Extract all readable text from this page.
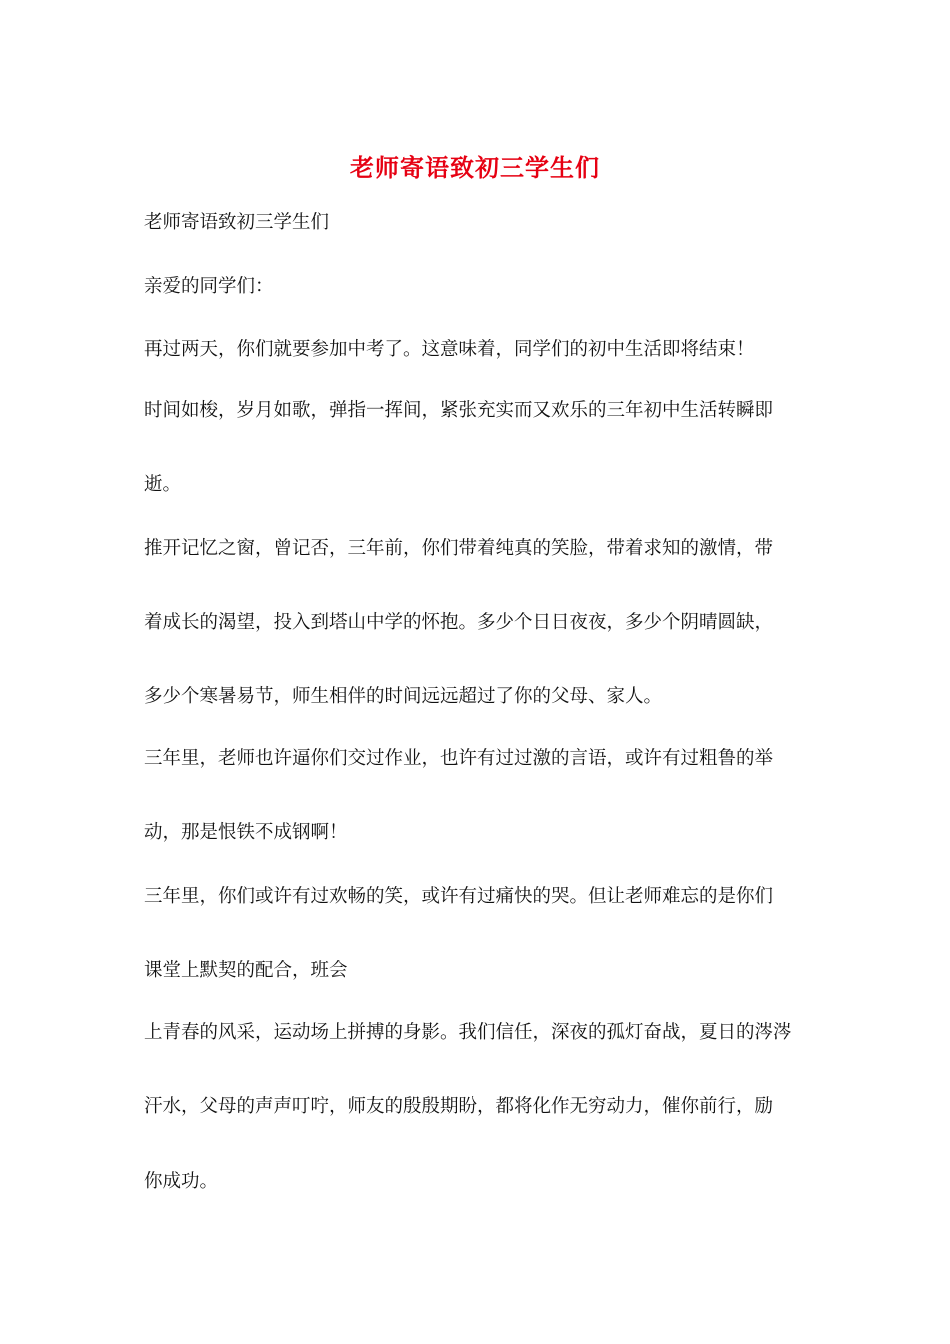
老师寄语致初三学生们
老师寄语致初三学生们
亲爱的同学们：
再过两天，你们就要参加中考了。这意味着，同学们的初中生活即将结束！
时间如梭，岁月如歌，弹指一挥间，紧张充实而又欢乐的三年初中生活转瞬即
逝。
推开记忆之窗，曾记否，三年前，你们带着纯真的笑脸，带着求知的激情，带
着成长的渴望，投入到塔山中学的怀抱。多少个日日夜夜，多少个阴晴圆缺，
多少个寒暑易节，师生相伴的时间远远超过了你的父母、家人。
三年里，老师也许逼你们交过作业，也许有过过激的言语，或许有过粗鲁的举
动，那是恨铁不成钢啊！
三年里，你们或许有过欢畅的笑，或许有过痛快的哭。但让老师难忘的是你们
课堂上默契的配合，班会
上青春的风采，运动场上拼搏的身影。我们信任，深夜的孤灯奋战，夏日的涔涔
汗水，父母的声声叮咛，师友的殷殷期盼，都将化作无穷动力，催你前行，励
你成功。
